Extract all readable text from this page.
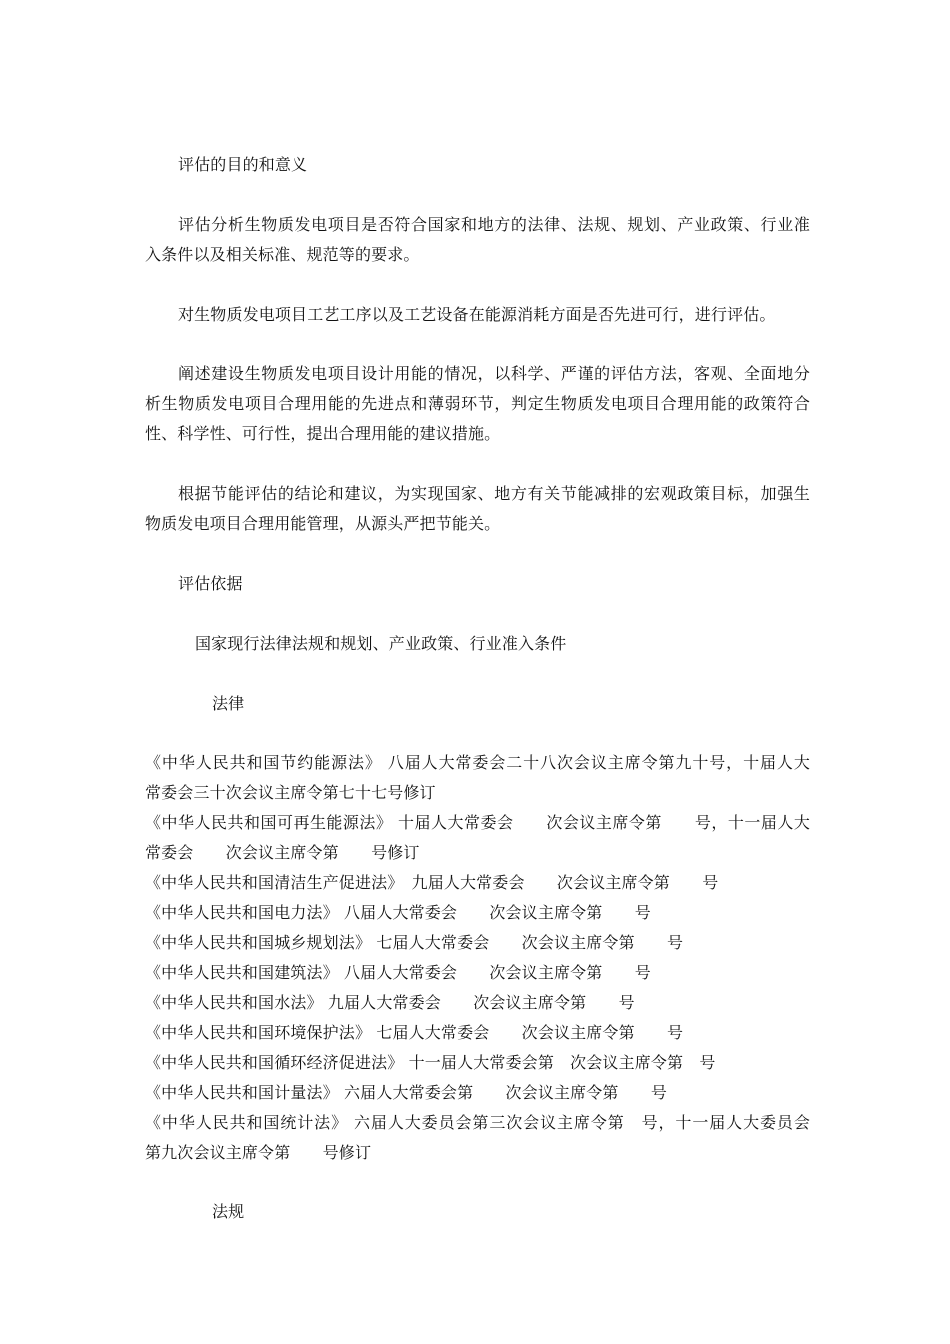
评估的目的和意义
评估分析生物质发电项目是否符合国家和地方的法律、法规、规划、产业政策、行业准
入条件以及相关标准、规范等的要求。
对生物质发电项目工艺工序以及工艺设备在能源消耗方面是否先进可行，进行评估。
阐述建设生物质发电项目设计用能的情况，以科学、严谨的评估方法，客观、全面地分
析生物质发电项目合理用能的先进点和薄弱环节，判定生物质发电项目合理用能的政策符合
性、科学性、可行性，提出合理用能的建议措施。
根据节能评估的结论和建议，为实现国家、地方有关节能减排的宏观政策目标，加强生
物质发电项目合理用能管理，从源头严把节能关。
评估依据
国家现行法律法规和规划、产业政策、行业准入条件
法律
《中华人民共和国节约能源法》 八届人大常委会二十八次会议主席令第九十号，十届人大
常委会三十次会议主席令第七十七号修订
《中华人民共和国可再生能源法》 十届人大常委会　　次会议主席令第　　号，十一届人大
常委会　　次会议主席令第　　号修订
《中华人民共和国清洁生产促进法》　九届人大常委会　　次会议主席令第　　号
《中华人民共和国电力法》 八届人大常委会　　次会议主席令第　　号
《中华人民共和国城乡规划法》 七届人大常委会　　次会议主席令第　　号
《中华人民共和国建筑法》 八届人大常委会　　次会议主席令第　　号
《中华人民共和国水法》 九届人大常委会　　次会议主席令第　　号
《中华人民共和国环境保护法》 七届人大常委会　　次会议主席令第　　号
《中华人民共和国循环经济促进法》 十一届人大常委会第　次会议主席令第　号
《中华人民共和国计量法》 六届人大常委会第　　次会议主席令第　　号
《中华人民共和国统计法》 六届人大委员会第三次会议主席令第　号，十一届人大委员会
第九次会议主席令第　　号修订
法规
